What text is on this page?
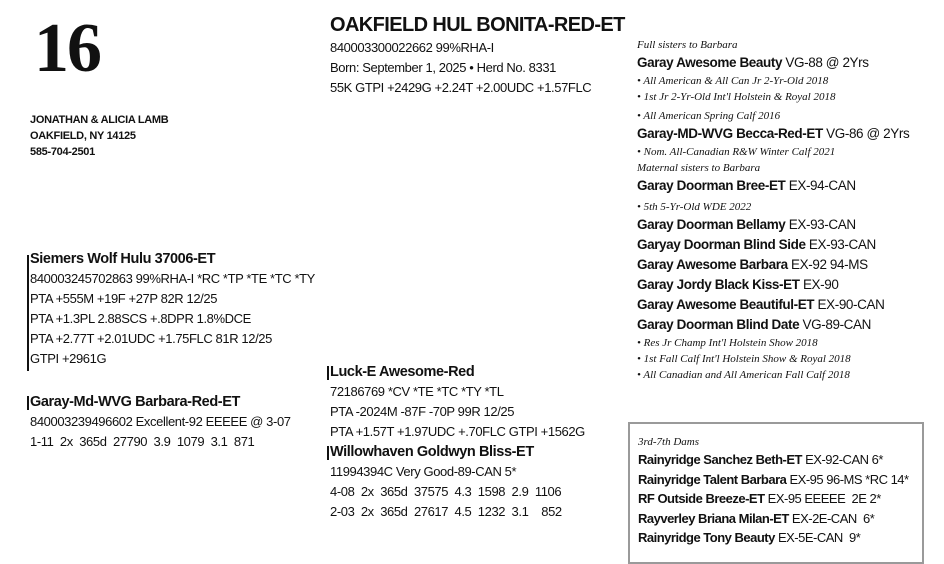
16
JONATHAN & ALICIA LAMB
OAKFIELD, NY 14125
585-704-2501
OAKFIELD HUL BONITA-RED-ET
840003300022662 99%RHA-I
Born: September 1, 2025 • Herd No. 8331
55K GTPI +2429G +2.24T +2.00UDC +1.57FLC
Siemers Wolf Hulu 37006-ET
840003245702863 99%RHA-I *RC *TP *TE *TC *TY
PTA +555M +19F +27P 82R 12/25
PTA +1.3PL 2.88SCS +.8DPR 1.8%DCE
PTA +2.77T +2.01UDC +1.75FLC 81R 12/25
GTPI +2961G
Garay-Md-WVG Barbara-Red-ET
840003239496602 Excellent-92 EEEEE @ 3-07
1-11  2x  365d  27790  3.9  1079  3.1  871
Luck-E Awesome-Red
72186769 *CV *TE *TC *TY *TL
PTA -2024M -87F -70P 99R 12/25
PTA +1.57T +1.97UDC +.70FLC GTPI +1562G
Willowhaven Goldwyn Bliss-ET
11994394C Very Good-89-CAN 5*
4-08  2x  365d  37575  4.3  1598  2.9  1106
2-03  2x  365d  27617  4.5  1232  3.1    852
Full sisters to Barbara
Garay Awesome Beauty VG-88 @ 2Yrs
• All American & All Can Jr 2-Yr-Old 2018
• 1st Jr 2-Yr-Old Int'l Holstein & Royal 2018
• All American Spring Calf 2016
Garay-MD-WVG Becca-Red-ET VG-86 @ 2Yrs
• Nom. All-Canadian R&W Winter Calf 2021
Maternal sisters to Barbara
Garay Doorman Bree-ET EX-94-CAN
• 5th 5-Yr-Old WDE 2022
Garay Doorman Bellamy EX-93-CAN
Garyay Doorman Blind Side EX-93-CAN
Garay Awesome Barbara EX-92 94-MS
Garay Jordy Black Kiss-ET EX-90
Garay Awesome Beautiful-ET EX-90-CAN
Garay Doorman Blind Date VG-89-CAN
• Res Jr Champ Int'l Holstein Show 2018
• 1st Fall Calf Int'l Holstein Show & Royal 2018
• All Canadian and All American Fall Calf 2018
3rd-7th Dams
Rainyridge Sanchez Beth-ET EX-92-CAN 6*
Rainyridge Talent Barbara EX-95 96-MS *RC 14*
RF Outside Breeze-ET EX-95 EEEEE  2E 2*
Rayverley Briana Milan-ET EX-2E-CAN  6*
Rainyridge Tony Beauty EX-5E-CAN  9*
